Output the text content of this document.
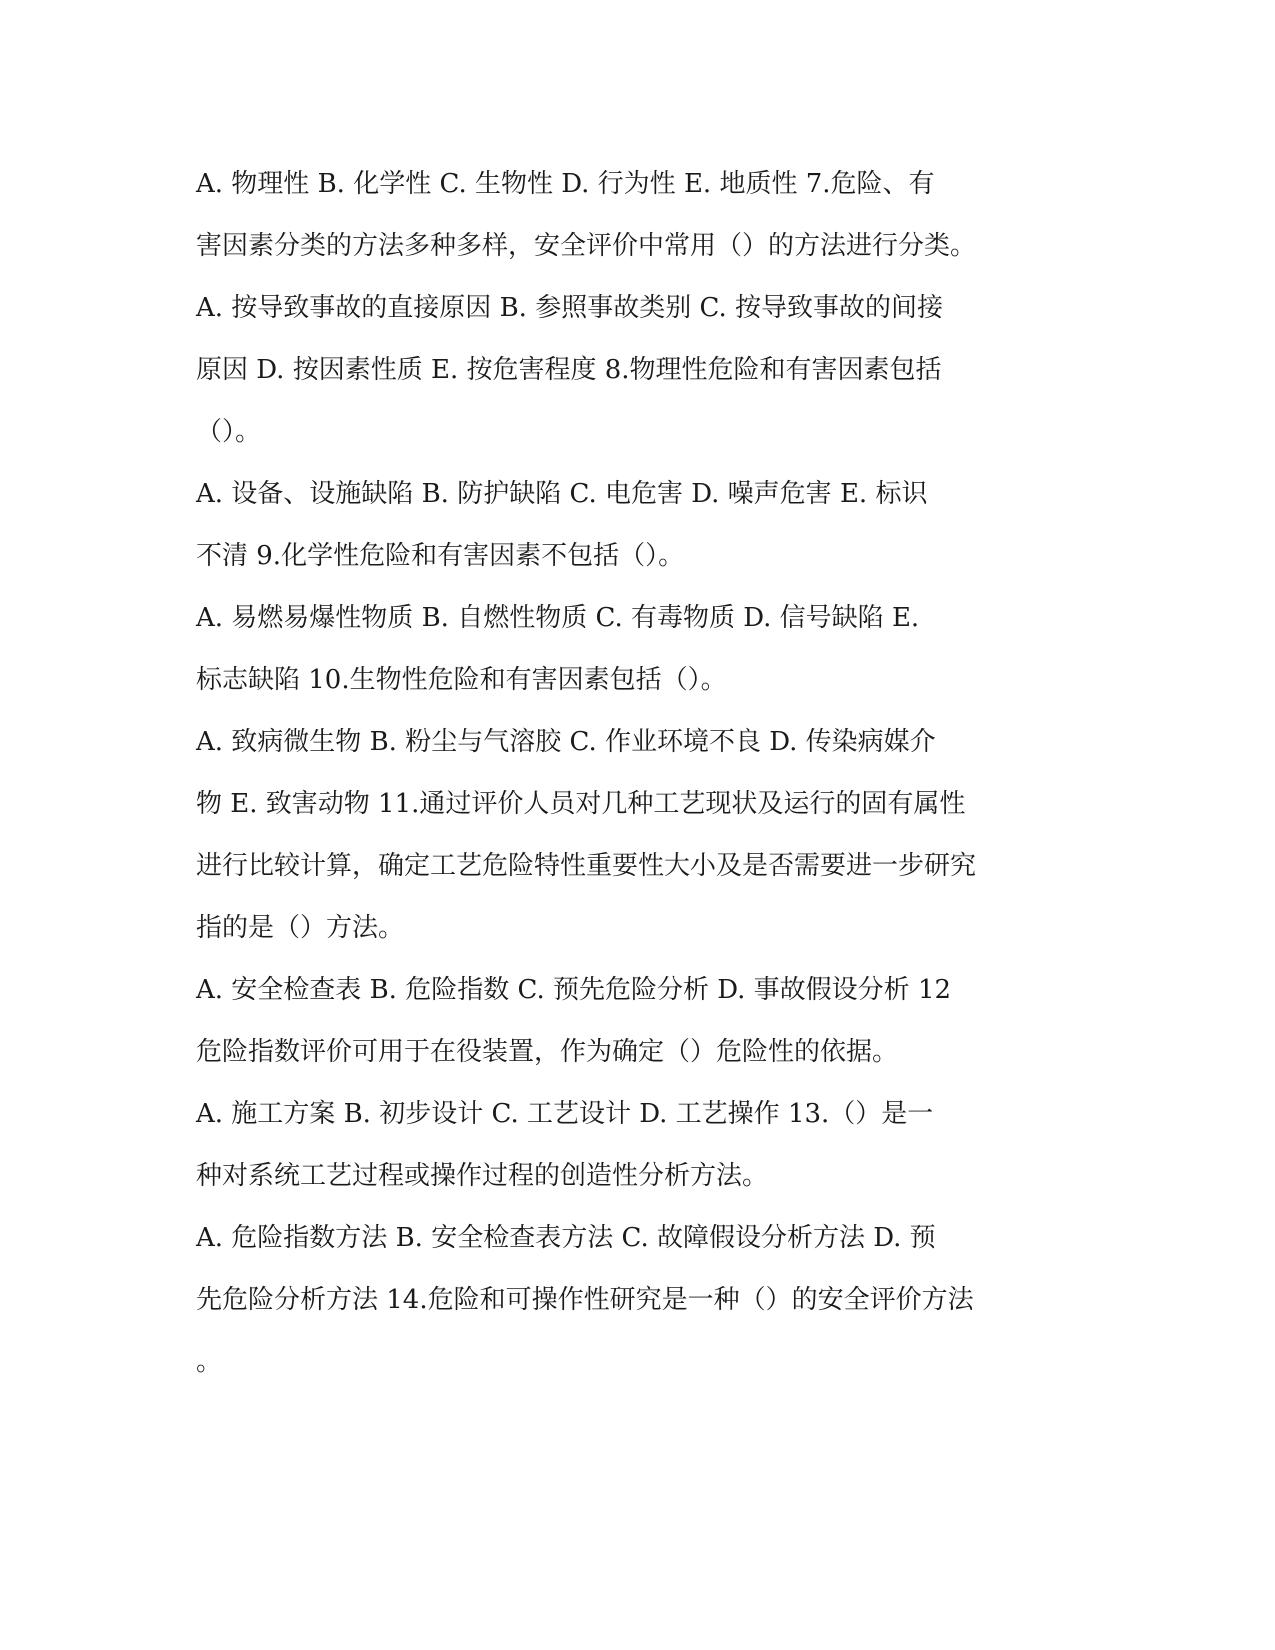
A. 物理性 B. 化学性 C. 生物性 D. 行为性 E. 地质性 7.危险、有
害因素分类的方法多种多样，安全评价中常用（）的方法进行分类。
A. 按导致事故的直接原因 B. 参照事故类别 C. 按导致事故的间接
原因 D. 按因素性质 E. 按危害程度 8.物理性危险和有害因素包括
（）。
A. 设备、设施缺陷 B. 防护缺陷 C. 电危害 D. 噪声危害 E. 标识
不清 9.化学性危险和有害因素不包括（）。
A. 易燃易爆性物质 B. 自燃性物质 C. 有毒物质 D. 信号缺陷 E.
标志缺陷 10.生物性危险和有害因素包括（）。
A. 致病微生物 B. 粉尘与气溶胶 C. 作业环境不良 D. 传染病媒介
物 E. 致害动物 11.通过评价人员对几种工艺现状及运行的固有属性
进行比较计算，确定工艺危险特性重要性大小及是否需要进一步研究
指的是（）方法。
A. 安全检查表 B. 危险指数 C. 预先危险分析 D. 事故假设分析 12
危险指数评价可用于在役装置，作为确定（）危险性的依据。
A. 施工方案 B. 初步设计 C. 工艺设计 D. 工艺操作 13.（）是一
种对系统工艺过程或操作过程的创造性分析方法。
A. 危险指数方法 B. 安全检查表方法 C. 故障假设分析方法 D. 预
先危险分析方法 14.危险和可操作性研究是一种（）的安全评价方法
。
